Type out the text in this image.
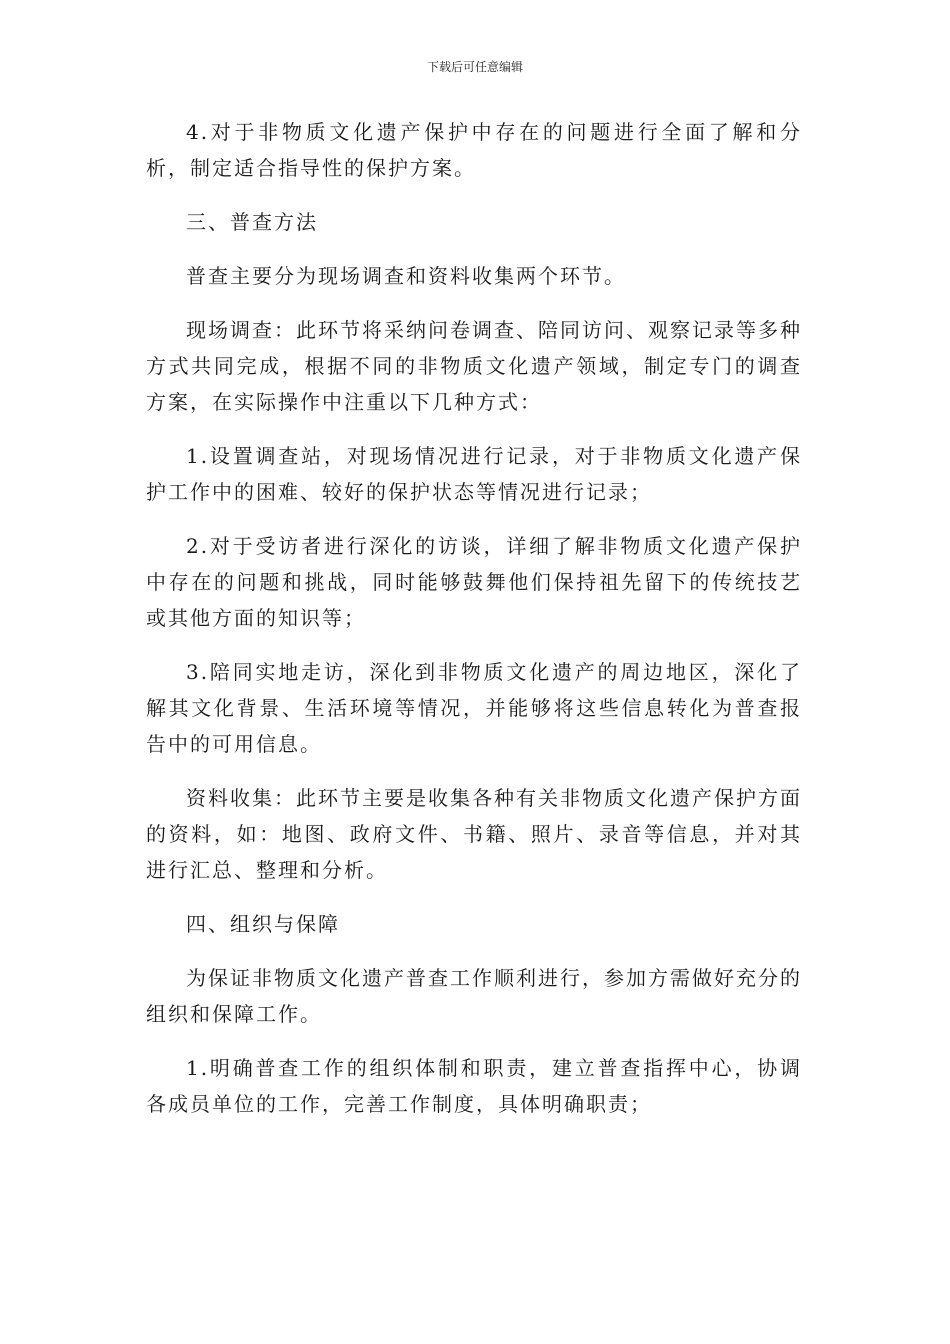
下载后可任意编辑

4.对于非物质文化遗产保护中存在的问题进行全面了解和分析，制定适合指导性的保护方案。

三、普查方法

普查主要分为现场调查和资料收集两个环节。

现场调查：此环节将采纳问卷调查、陪同访问、观察记录等多种方式共同完成，根据不同的非物质文化遗产领域，制定专门的调查方案，在实际操作中注重以下几种方式：

1.设置调查站，对现场情况进行记录，对于非物质文化遗产保护工作中的困难、较好的保护状态等情况进行记录；

2.对于受访者进行深化的访谈，详细了解非物质文化遗产保护中存在的问题和挑战，同时能够鼓舞他们保持祖先留下的传统技艺或其他方面的知识等；

3.陪同实地走访，深化到非物质文化遗产的周边地区，深化了解其文化背景、生活环境等情况，并能够将这些信息转化为普查报告中的可用信息。

资料收集：此环节主要是收集各种有关非物质文化遗产保护方面的资料，如：地图、政府文件、书籍、照片、录音等信息，并对其进行汇总、整理和分析。

四、组织与保障

为保证非物质文化遗产普查工作顺利进行，参加方需做好充分的组织和保障工作。

1.明确普查工作的组织体制和职责，建立普查指挥中心，协调各成员单位的工作，完善工作制度，具体明确职责；
